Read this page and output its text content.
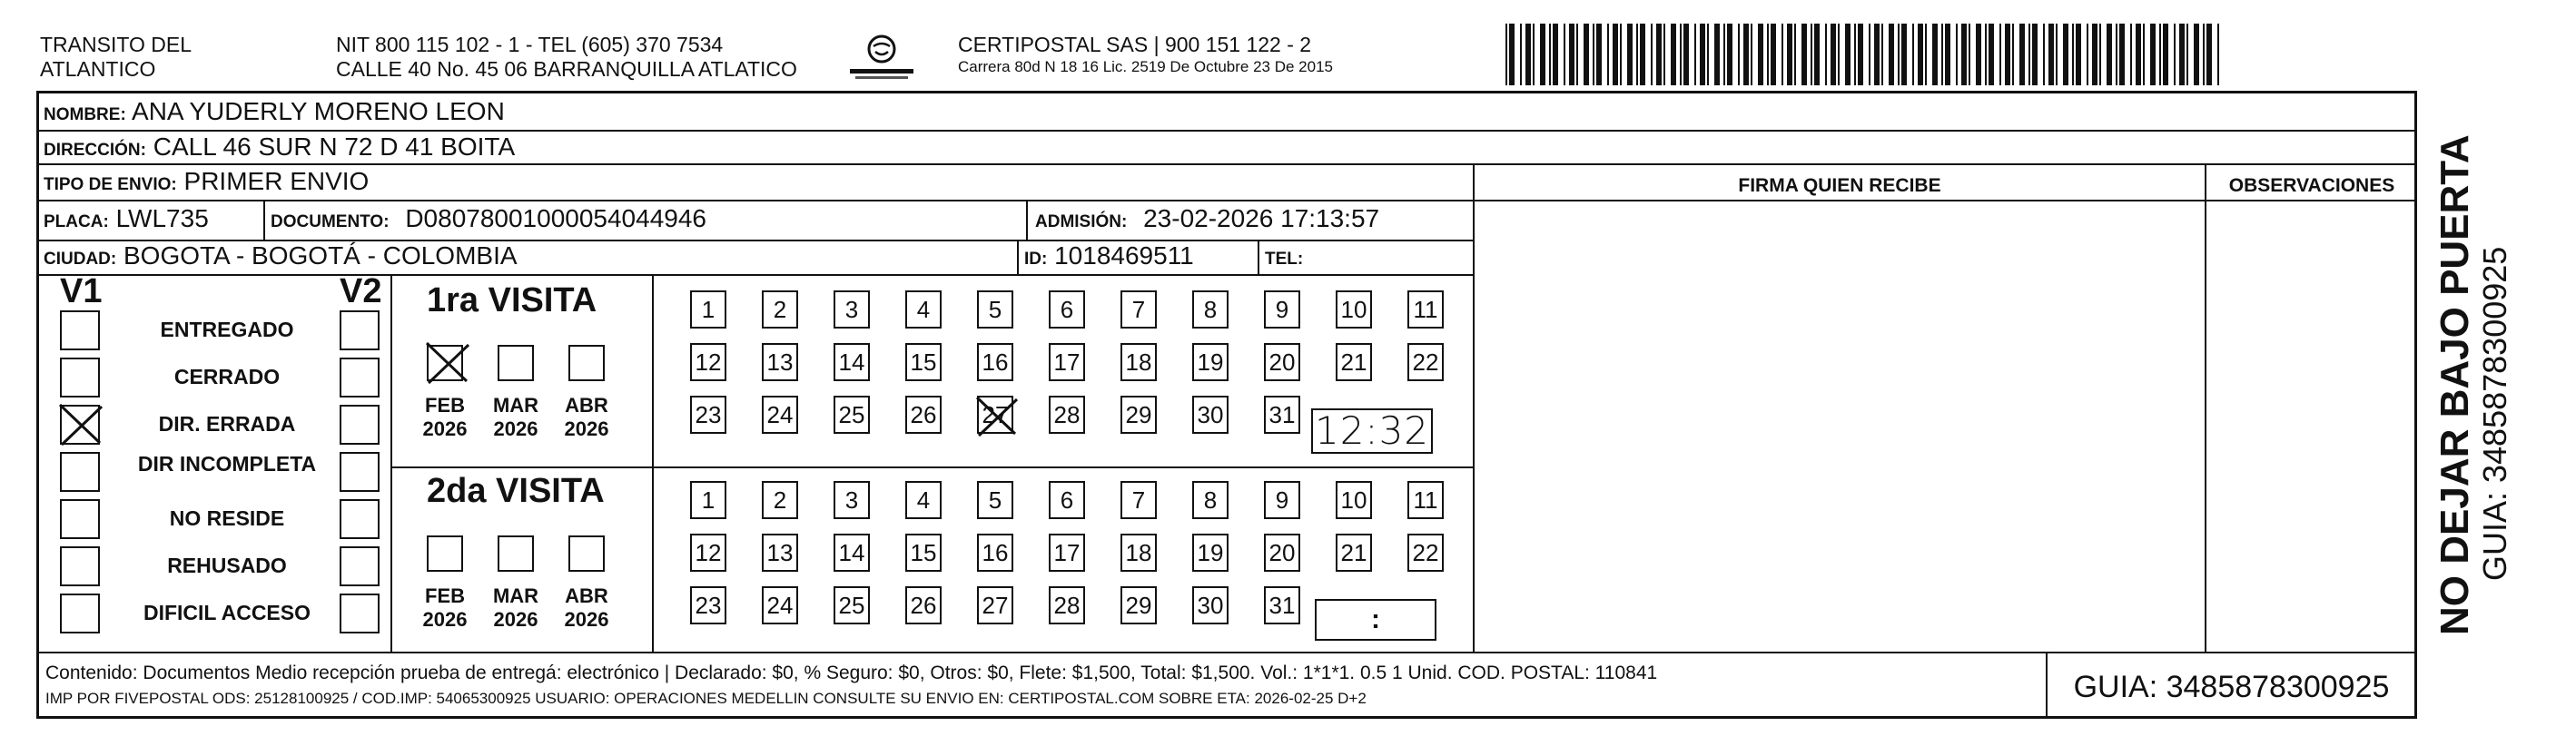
TRANSITO DEL
ATLANTICO
NIT 800 115 102 - 1 - TEL (605) 370 7534
CALLE 40 No. 45 06 BARRANQUILLA ATLATICO
CERTIPOSTAL SAS | 900 151 122 - 2
Carrera 80d N 18 16 Lic. 2519 De Octubre 23 De 2015
NOMBRE: ANA YUDERLY MORENO LEON
DIRECCIÓN: CALL 46 SUR N 72 D 41 BOITA
TIPO DE ENVIO: PRIMER ENVIO
PLACA: LWL735	DOCUMENTO: D080780010000540449​46	ADMISIÓN: 23-02-2026 17:13:57
CIUDAD: BOGOTA - BOGOTÁ - COLOMBIA	ID: 1018469511	TEL:
FIRMA QUIEN RECIBE	OBSERVACIONES
V1	V2
ENTREGADO
CERRADO
DIR. ERRADA
DIR INCOMPLETA
NO RESIDE
REHUSADO
DIFICIL ACCESO
1ra VISITA
2da VISITA
FEB
2026
MAR
2026
ABR
2026
1	2	3	4	5	6	7	8	9	10 11
12 13 14 15 16 17 18 19 20 21 22
23 24 25 26 27 28 29 30 31
FEB
2026
MAR
2026
ABR
2026
1	2	3	4	5	6	7	8	9	10 11
12 13 14 15 16 17 18 19 20 21 22
23 24 25 26 27 28 29 30 31
12:32
:
Contenido: Documentos Medio recepción prueba de entregá: electrónico | Declarado: $0, % Seguro: $0, Otros: $0, Flete: $1,500, Total: $1,500. Vol.: 1*1*1. 0.5 1 Unid. COD. POSTAL: 110841
IMP POR FIVEPOSTAL ODS: 25128100925 / COD.IMP: 54065300925 USUARIO: OPERACIONES MEDELLIN CONSULTE SU ENVIO EN: CERTIPOSTAL.COM SOBRE ETA: 2026-02-25 D+2	GUIA: 3485878300925
NO DEJAR BAJO PUERTA GUIA: 3485878300925
